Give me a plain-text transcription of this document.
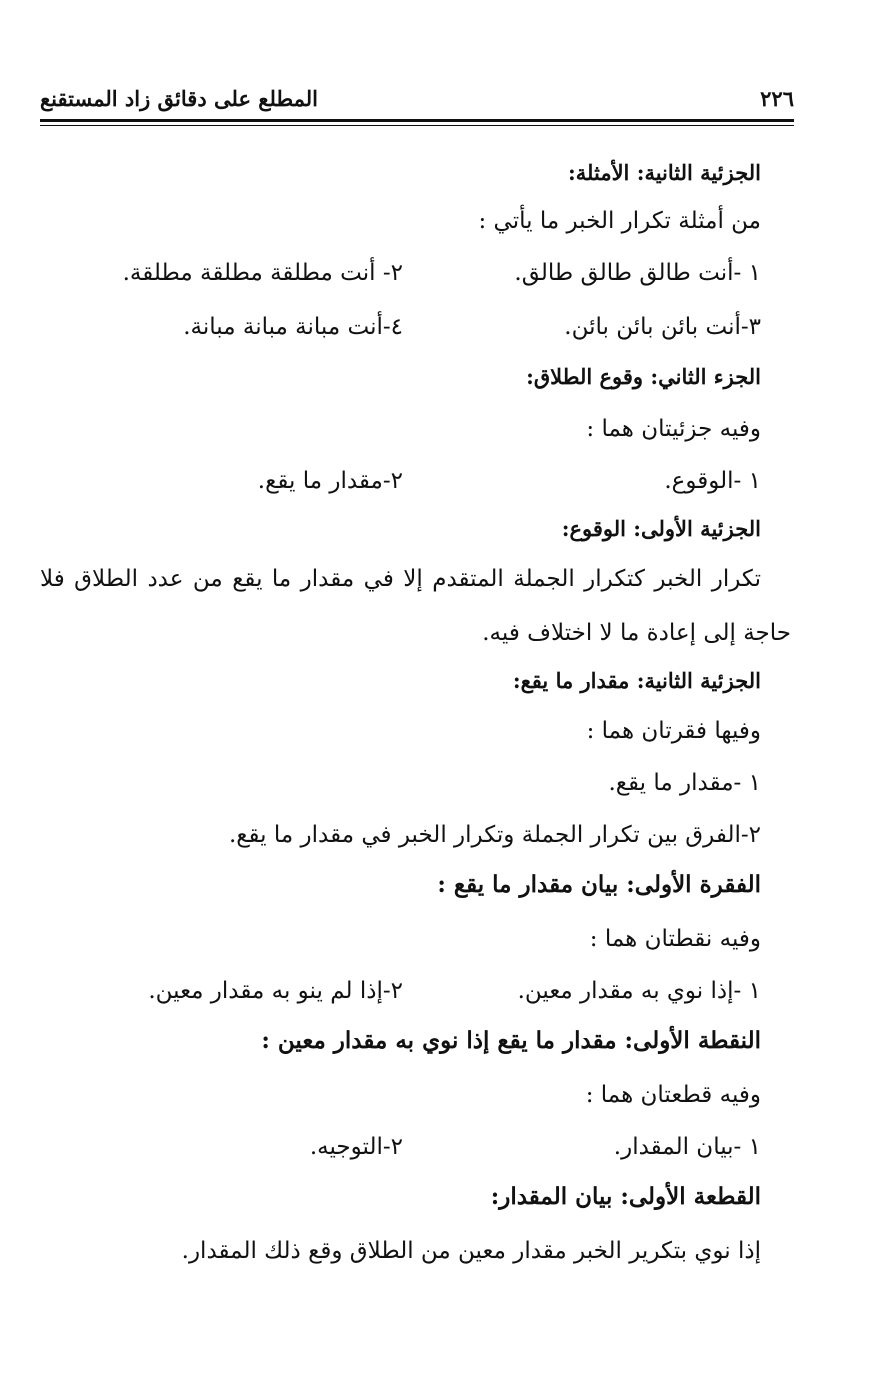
٢٢٦
المطلع على دقائق زاد المستقنع
الجزئية الثانية: الأمثلة:
من أمثلة تكرار الخبر ما يأتي :
١ -أنت طالق طالق طالق.
٢- أنت مطلقة مطلقة مطلقة.
٣-أنت بائن بائن بائن.
٤-أنت مبانة مبانة مبانة.
الجزء الثاني: وقوع الطلاق:
وفيه جزئيتان هما :
١ -الوقوع.
٢-مقدار ما يقع.
الجزئية الأولى: الوقوع:
تكرار الخبر كتكرار الجملة المتقدم إلا في مقدار ما يقع من عدد الطلاق فلا
حاجة إلى إعادة ما لا اختلاف فيه.
الجزئية الثانية: مقدار ما يقع:
وفيها فقرتان هما :
١ -مقدار ما يقع.
٢-الفرق بين تكرار الجملة وتكرار الخبر في مقدار ما يقع.
الفقرة الأولى: بيان مقدار ما يقع :
وفيه نقطتان هما :
١ -إذا نوي به مقدار معين.
٢-إذا لم ينو به مقدار معين.
النقطة الأولى: مقدار ما يقع إذا نوي به مقدار معين :
وفيه قطعتان هما :
١ -بيان المقدار.
٢-التوجيه.
القطعة الأولى: بيان المقدار:
إذا نوي بتكرير الخبر مقدار معين من الطلاق وقع ذلك المقدار.
